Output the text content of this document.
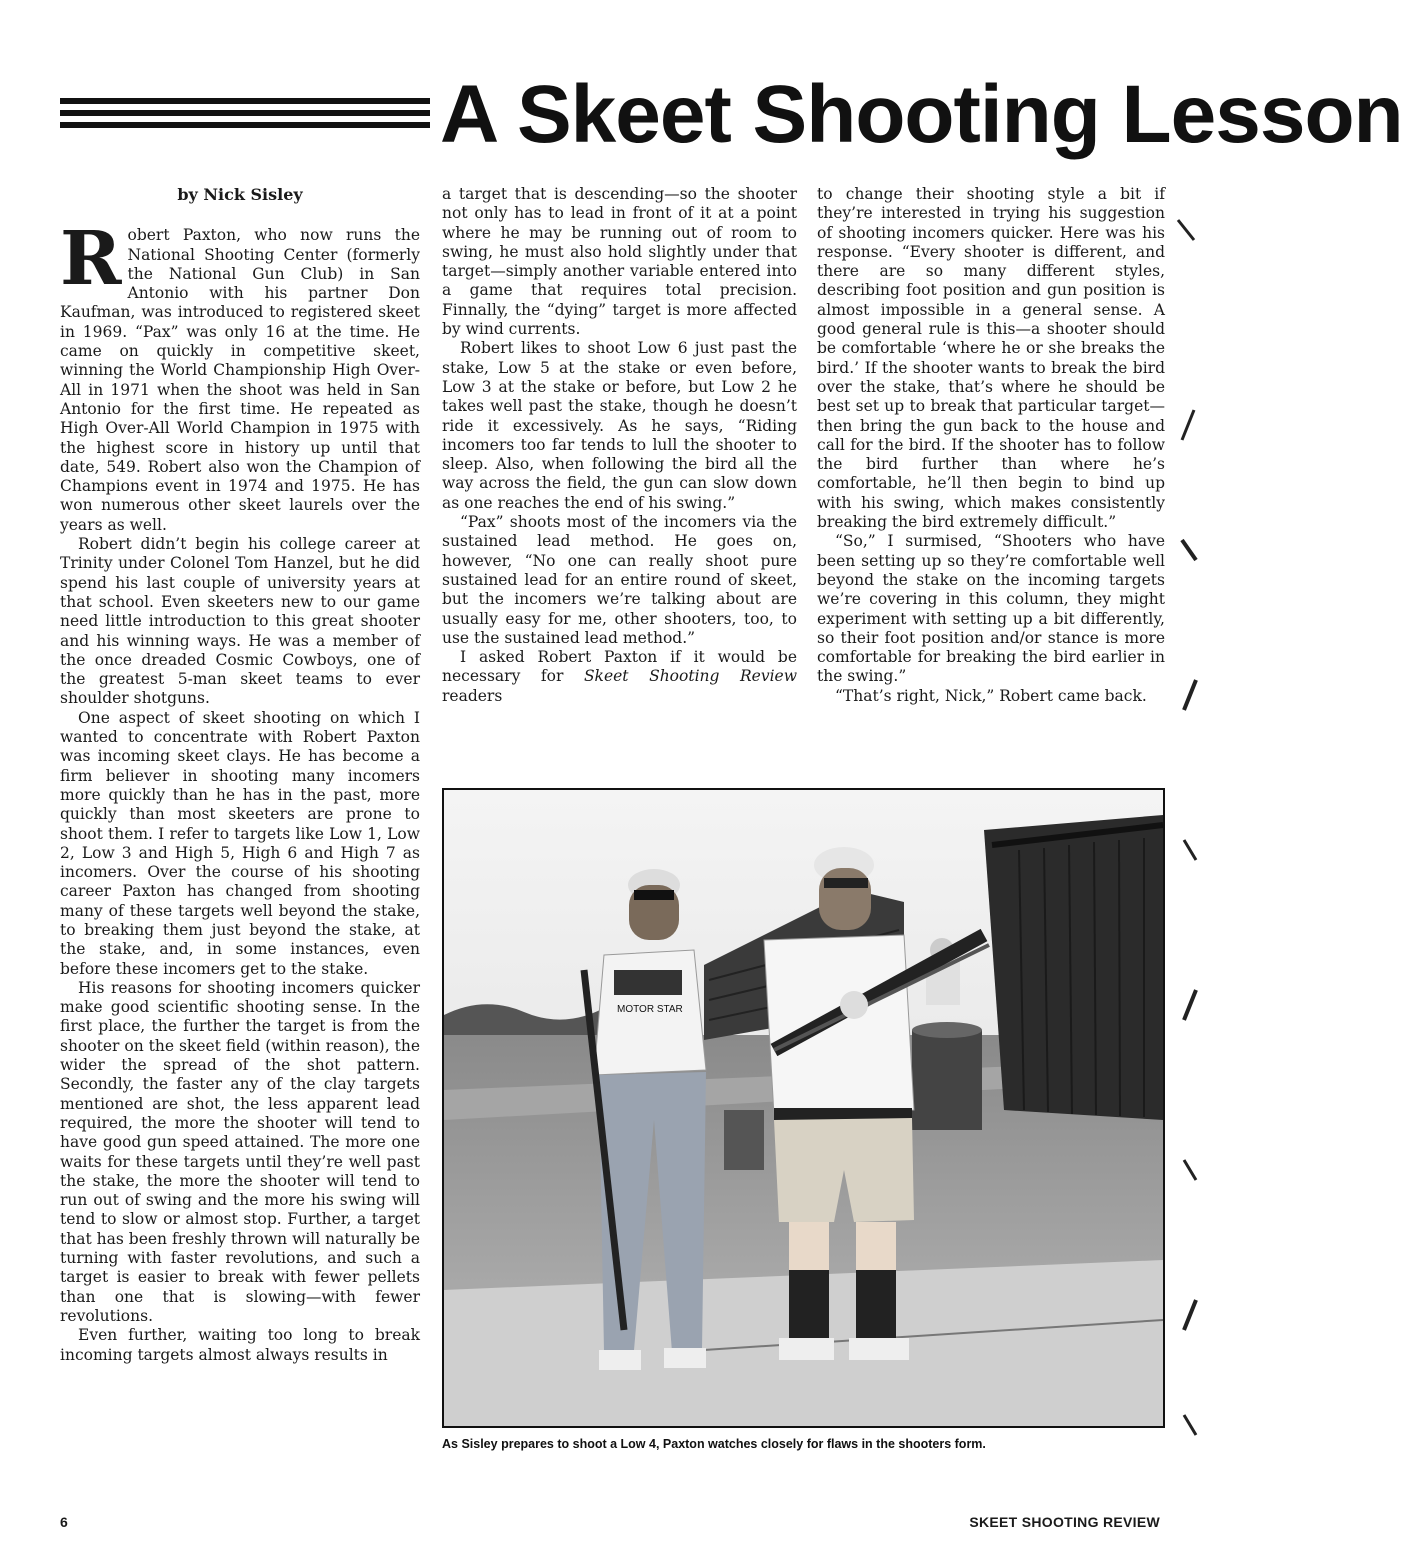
A Skeet Shooting Lesson
by Nick Sisley

Robert Paxton, who now runs the National Shooting Center (formerly the National Gun Club) in San Antonio with his partner Don Kaufman, was introduced to registered skeet in 1969. “Pax” was only 16 at the time. He came on quickly in competitive skeet, winning the World Championship High Over-All in 1971 when the shoot was held in San Antonio for the first time. He repeated as High Over-All World Champion in 1975 with the highest score in history up until that date, 549. Robert also won the Champion of Champions event in 1974 and 1975. He has won numerous other skeet laurels over the years as well.

Robert didn’t begin his college career at Trinity under Colonel Tom Hanzel, but he did spend his last couple of university years at that school. Even skeeters new to our game need little introduction to this great shooter and his winning ways. He was a member of the once dreaded Cosmic Cowboys, one of the greatest 5-man skeet teams to ever shoulder shotguns.

One aspect of skeet shooting on which I wanted to concentrate with Robert Paxton was incoming skeet clays. He has become a firm believer in shooting many incomers more quickly than he has in the past, more quickly than most skeeters are prone to shoot them. I refer to targets like Low 1, Low 2, Low 3 and High 5, High 6 and High 7 as incomers. Over the course of his shooting career Paxton has changed from shooting many of these targets well beyond the stake, to breaking them just beyond the stake, at the stake, and, in some instances, even before these incomers get to the stake.

His reasons for shooting incomers quicker make good scientific shooting sense. In the first place, the further the target is from the shooter on the skeet field (within reason), the wider the spread of the shot pattern. Secondly, the faster any of the clay targets mentioned are shot, the less apparent lead required, the more the shooter will tend to have good gun speed attained. The more one waits for these targets until they’re well past the stake, the more the shooter will tend to run out of swing and the more his swing will tend to slow or almost stop. Further, a target that has been freshly thrown will naturally be turning with faster revolutions, and such a target is easier to break with fewer pellets than one that is slowing—with fewer revolutions.

Even further, waiting too long to break incoming targets almost always results in

a target that is descending—so the shooter not only has to lead in front of it at a point where he may be running out of room to swing, he must also hold slightly under that target—simply another variable entered into a game that requires total precision. Finnally, the “dying” target is more affected by wind currents.

Robert likes to shoot Low 6 just past the stake, Low 5 at the stake or even before, Low 3 at the stake or before, but Low 2 he takes well past the stake, though he doesn’t ride it excessively. As he says, “Riding incomers too far tends to lull the shooter to sleep. Also, when following the bird all the way across the field, the gun can slow down as one reaches the end of his swing.”

“Pax” shoots most of the incomers via the sustained lead method. He goes on, however, “No one can really shoot pure sustained lead for an entire round of skeet, but the incomers we’re talking about are usually easy for me, other shooters, too, to use the sustained lead method.”

I asked Robert Paxton if it would be necessary for Skeet Shooting Review readers

to change their shooting style a bit if they’re interested in trying his suggestion of shooting incomers quicker. Here was his response. “Every shooter is different, and there are so many different styles, describing foot position and gun position is almost impossible in a general sense. A good general rule is this—a shooter should be comfortable ‘where he or she breaks the bird.’ If the shooter wants to break the bird over the stake, that’s where he should be best set up to break that particular target—then bring the gun back to the house and call for the bird. If the shooter has to follow the bird further than where he’s comfortable, he’ll then begin to bind up with his swing, which makes consistently breaking the bird extremely difficult.”

“So,” I surmised, “Shooters who have been setting up so they’re comfortable well beyond the stake on the incoming targets we’re covering in this column, they might experiment with setting up a bit differently, so their foot position and/or stance is more comfortable for breaking the bird earlier in the swing.”

“That’s right, Nick,” Robert came back.

MOTOR STAR
As Sisley prepares to shoot a Low 4, Paxton watches closely for flaws in the shooters form.
6	SKEET SHOOTING REVIEW
